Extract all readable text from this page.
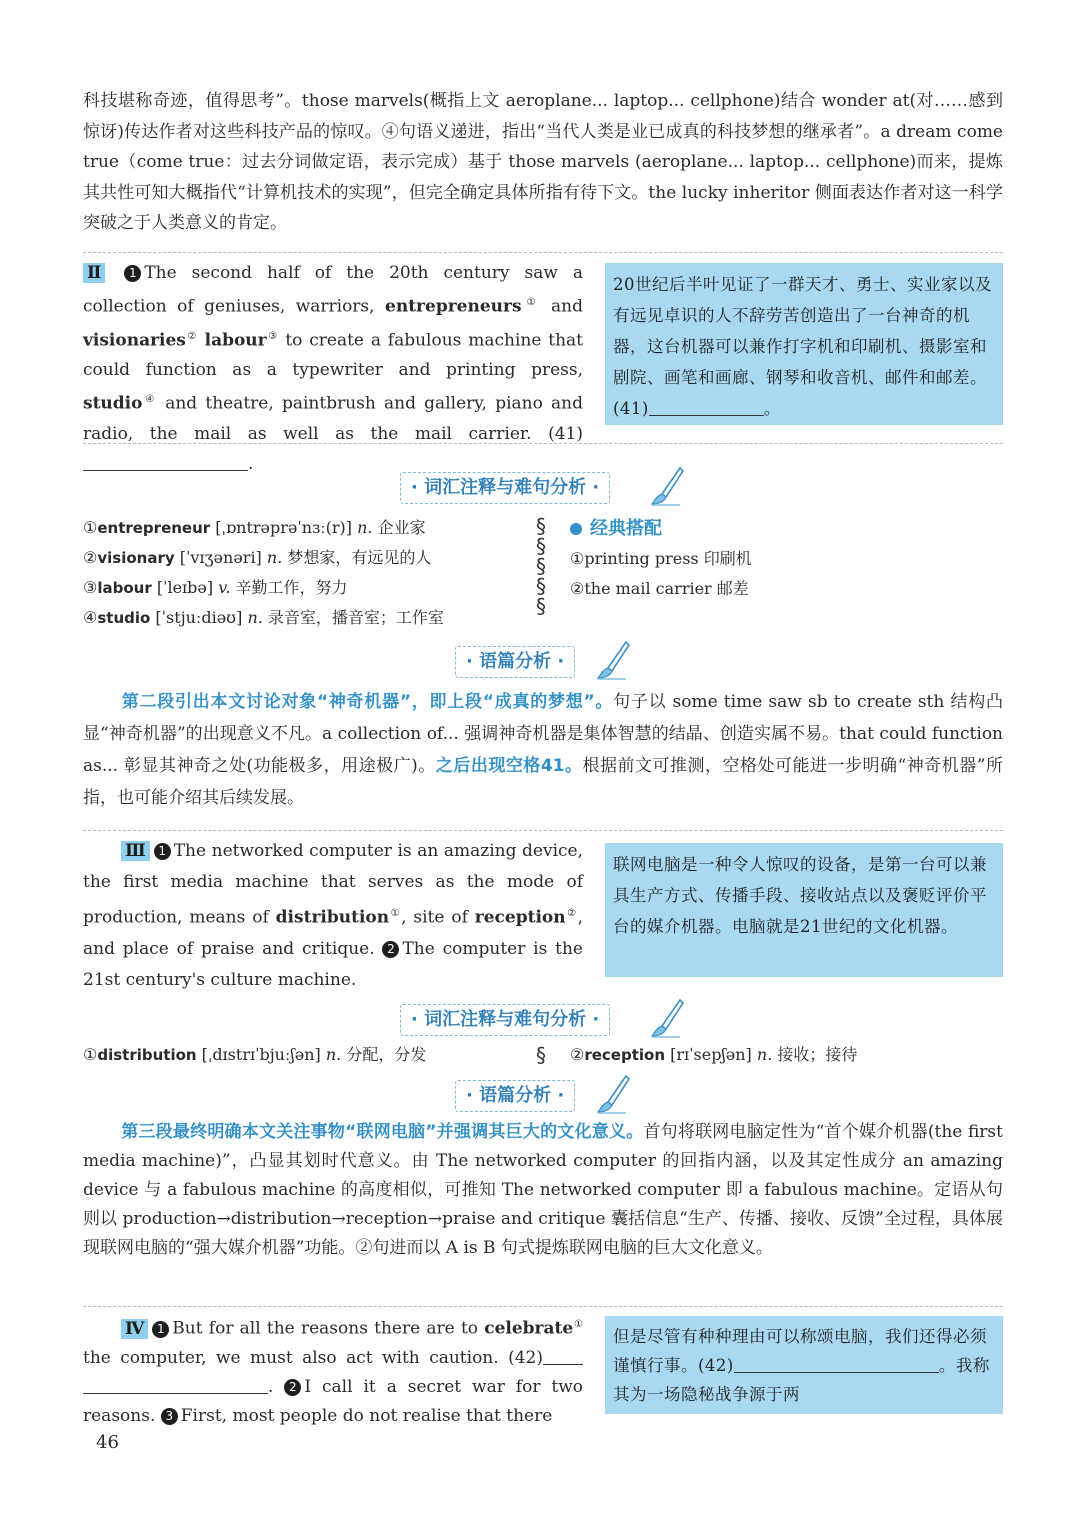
科技堪称奇迹，值得思考”。those marvels(概指上文 aeroplane... laptop... cellphone)结合 wonder at(对……感到惊讶)传达作者对这些科技产品的惊叹。④句语义递进，指出“当代人类是业已成真的科技梦想的继承者”。a dream come true（come true：过去分词做定语，表示完成）基于 those marvels (aeroplane... laptop... cellphone)而来，提炼其共性可知大概指代“计算机技术的实现”，但完全确定具体所指有待下文。the lucky inheritor 侧面表达作者对这一科学突破之于人类意义的肯定。
Ⅱ 1 The second half of the 20th century saw a collection of geniuses, warriors, entrepreneurs① and visionaries② labour③ to create a fabulous machine that could function as a typewriter and printing press, studio④ and theatre, paintbrush and gallery, piano and radio, the mail as well as the mail carrier. (41).
20世纪后半叶见证了一群天才、勇士、实业家以及有远见卓识的人不辞劳苦创造出了一台神奇的机器，这台机器可以兼作打字机和印刷机、摄影室和剧院、画笔和画廊、钢琴和收音机、邮件和邮差。(41)	。
· 词汇注释与难句分析 ·
①entrepreneur [ˌɒntrəprəˈnɜː(r)] n. 企业家
②visionary [ˈvɪʒənəri] n. 梦想家，有远见的人
③labour [ˈleɪbə] v. 辛勤工作，努力
④studio [ˈstjuːdiəʊ] n. 录音室，播音室；工作室
§
§
§
§
§
经典搭配
①printing press 印刷机
②the mail carrier 邮差
· 语篇分析 ·
第二段引出本文讨论对象“神奇机器”，即上段“成真的梦想”。句子以 some time saw sb to create sth 结构凸显“神奇机器”的出现意义不凡。a collection of... 强调神奇机器是集体智慧的结晶、创造实属不易。that could function as... 彰显其神奇之处(功能极多，用途极广)。之后出现空格41。根据前文可推测，空格处可能进一步明确“神奇机器”所指，也可能介绍其后续发展。
Ⅲ 1 The networked computer is an amazing device, the first media machine that serves as the mode of production, means of distribution①, site of reception②, and place of praise and critique. 2 The computer is the 21st century's culture machine.
联网电脑是一种令人惊叹的设备，是第一台可以兼具生产方式、传播手段、接收站点以及褒贬评价平台的媒介机器。电脑就是21世纪的文化机器。
· 词汇注释与难句分析 ·
①distribution [ˌdɪstrɪˈbjuːʃən] n. 分配，分发	§ ②reception [rɪˈsepʃən] n. 接收；接待
· 语篇分析 ·
第三段最终明确本文关注事物“联网电脑”并强调其巨大的文化意义。首句将联网电脑定性为“首个媒介机器(the first media machine)”，凸显其划时代意义。由 The networked computer 的回指内涵，以及其定性成分 an amazing device 与 a fabulous machine 的高度相似，可推知 The networked computer 即 a fabulous machine。定语从句则以 production→distribution→reception→praise and critique 囊括信息“生产、传播、接收、反馈”全过程，具体展现联网电脑的“强大媒介机器”功能。②句进而以 A is B 句式提炼联网电脑的巨大文化意义。
Ⅳ 1 But for all the reasons there are to celebrate① the computer, we must also act with caution. (42). 2 I call it a secret war for two reasons. 3 First, most people do not realise that there
但是尽管有种种理由可以称颂电脑，我们还得必须谨慎行事。(42)	。我称其为一场隐秘战争源于两
46
